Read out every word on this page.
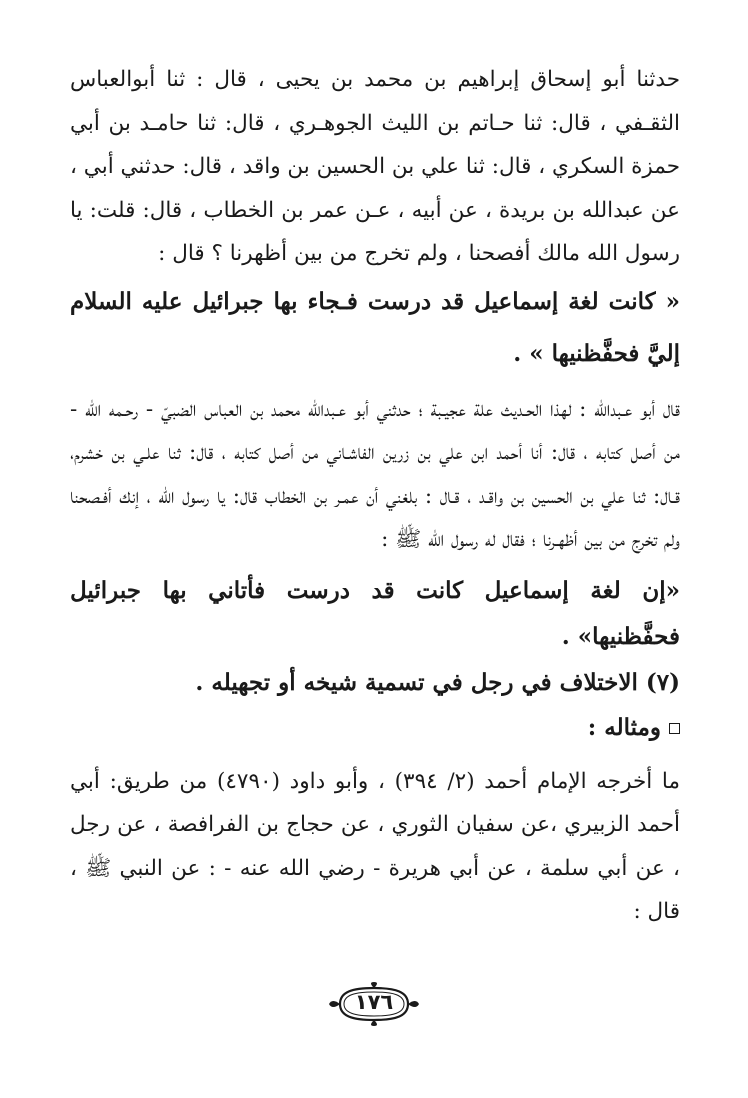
حدثنا أبو إسحاق إبراهيم بن محمد بن يحيى ، قال : ثنا أبوالعباس الثقـفي ، قال: ثنا حـاتم بن الليث الجوهـري ، قال: ثنا حامـد بن أبي حمزة السكري ، قال: ثنا علي بن الحسين بن واقد ، قال: حدثني أبي ، عن عبدالله بن بريدة ، عن أبيه ، عـن عمر بن الخطاب ، قال: قلت: يا رسول الله مالك أفصحنا ، ولم تخرج من بين أظهرنا ؟ قال :

« كانت لغة إسماعيل قد درست فـجاء بها جبرائيل عليه السلام إليَّ فحفَّظنيها » .

قال أبو عـبدالله : لهذا الحـديث علة عجيـبة ؛ حدثني أبو عـبدالله محمد بن العباس الضبيّ - رحـمه الله - من أصل كتابه ، قال: أنا أحمد ابن علي بن زرين الفاشـاني من أصل كتابه ، قال: ثنا علـي بن خشرم، قـال: ثنا علي بن الحسين بن واقـد ، قـال : بلغني أن عمـر بن الخطاب قال: يا رسول الله ، إنك أفـصحنا ولم تخرج من بين أظهـرنا ؛ فقال له رسول الله ﷺ :

«إن لغة إسماعيل كانت قد درست فأتاني بها جبرائيل فحفَّظنيها» .

(٧) الاختلاف في رجل في تسمية شيخه أو تجهيله .

ومثاله :

ما أخرجه الإمام أحمد (٢/ ٣٩٤) ، وأبو داود (٤٧٩٠) من طريق: أبي أحمد الزبيري ،عن سفيان الثوري ، عن حجاج بن الفرافصة ، عن رجل ، عن أبي سلمة ، عن أبي هريرة - رضي الله عنه - : عن النبي ﷺ ، قال :

١٧٦
